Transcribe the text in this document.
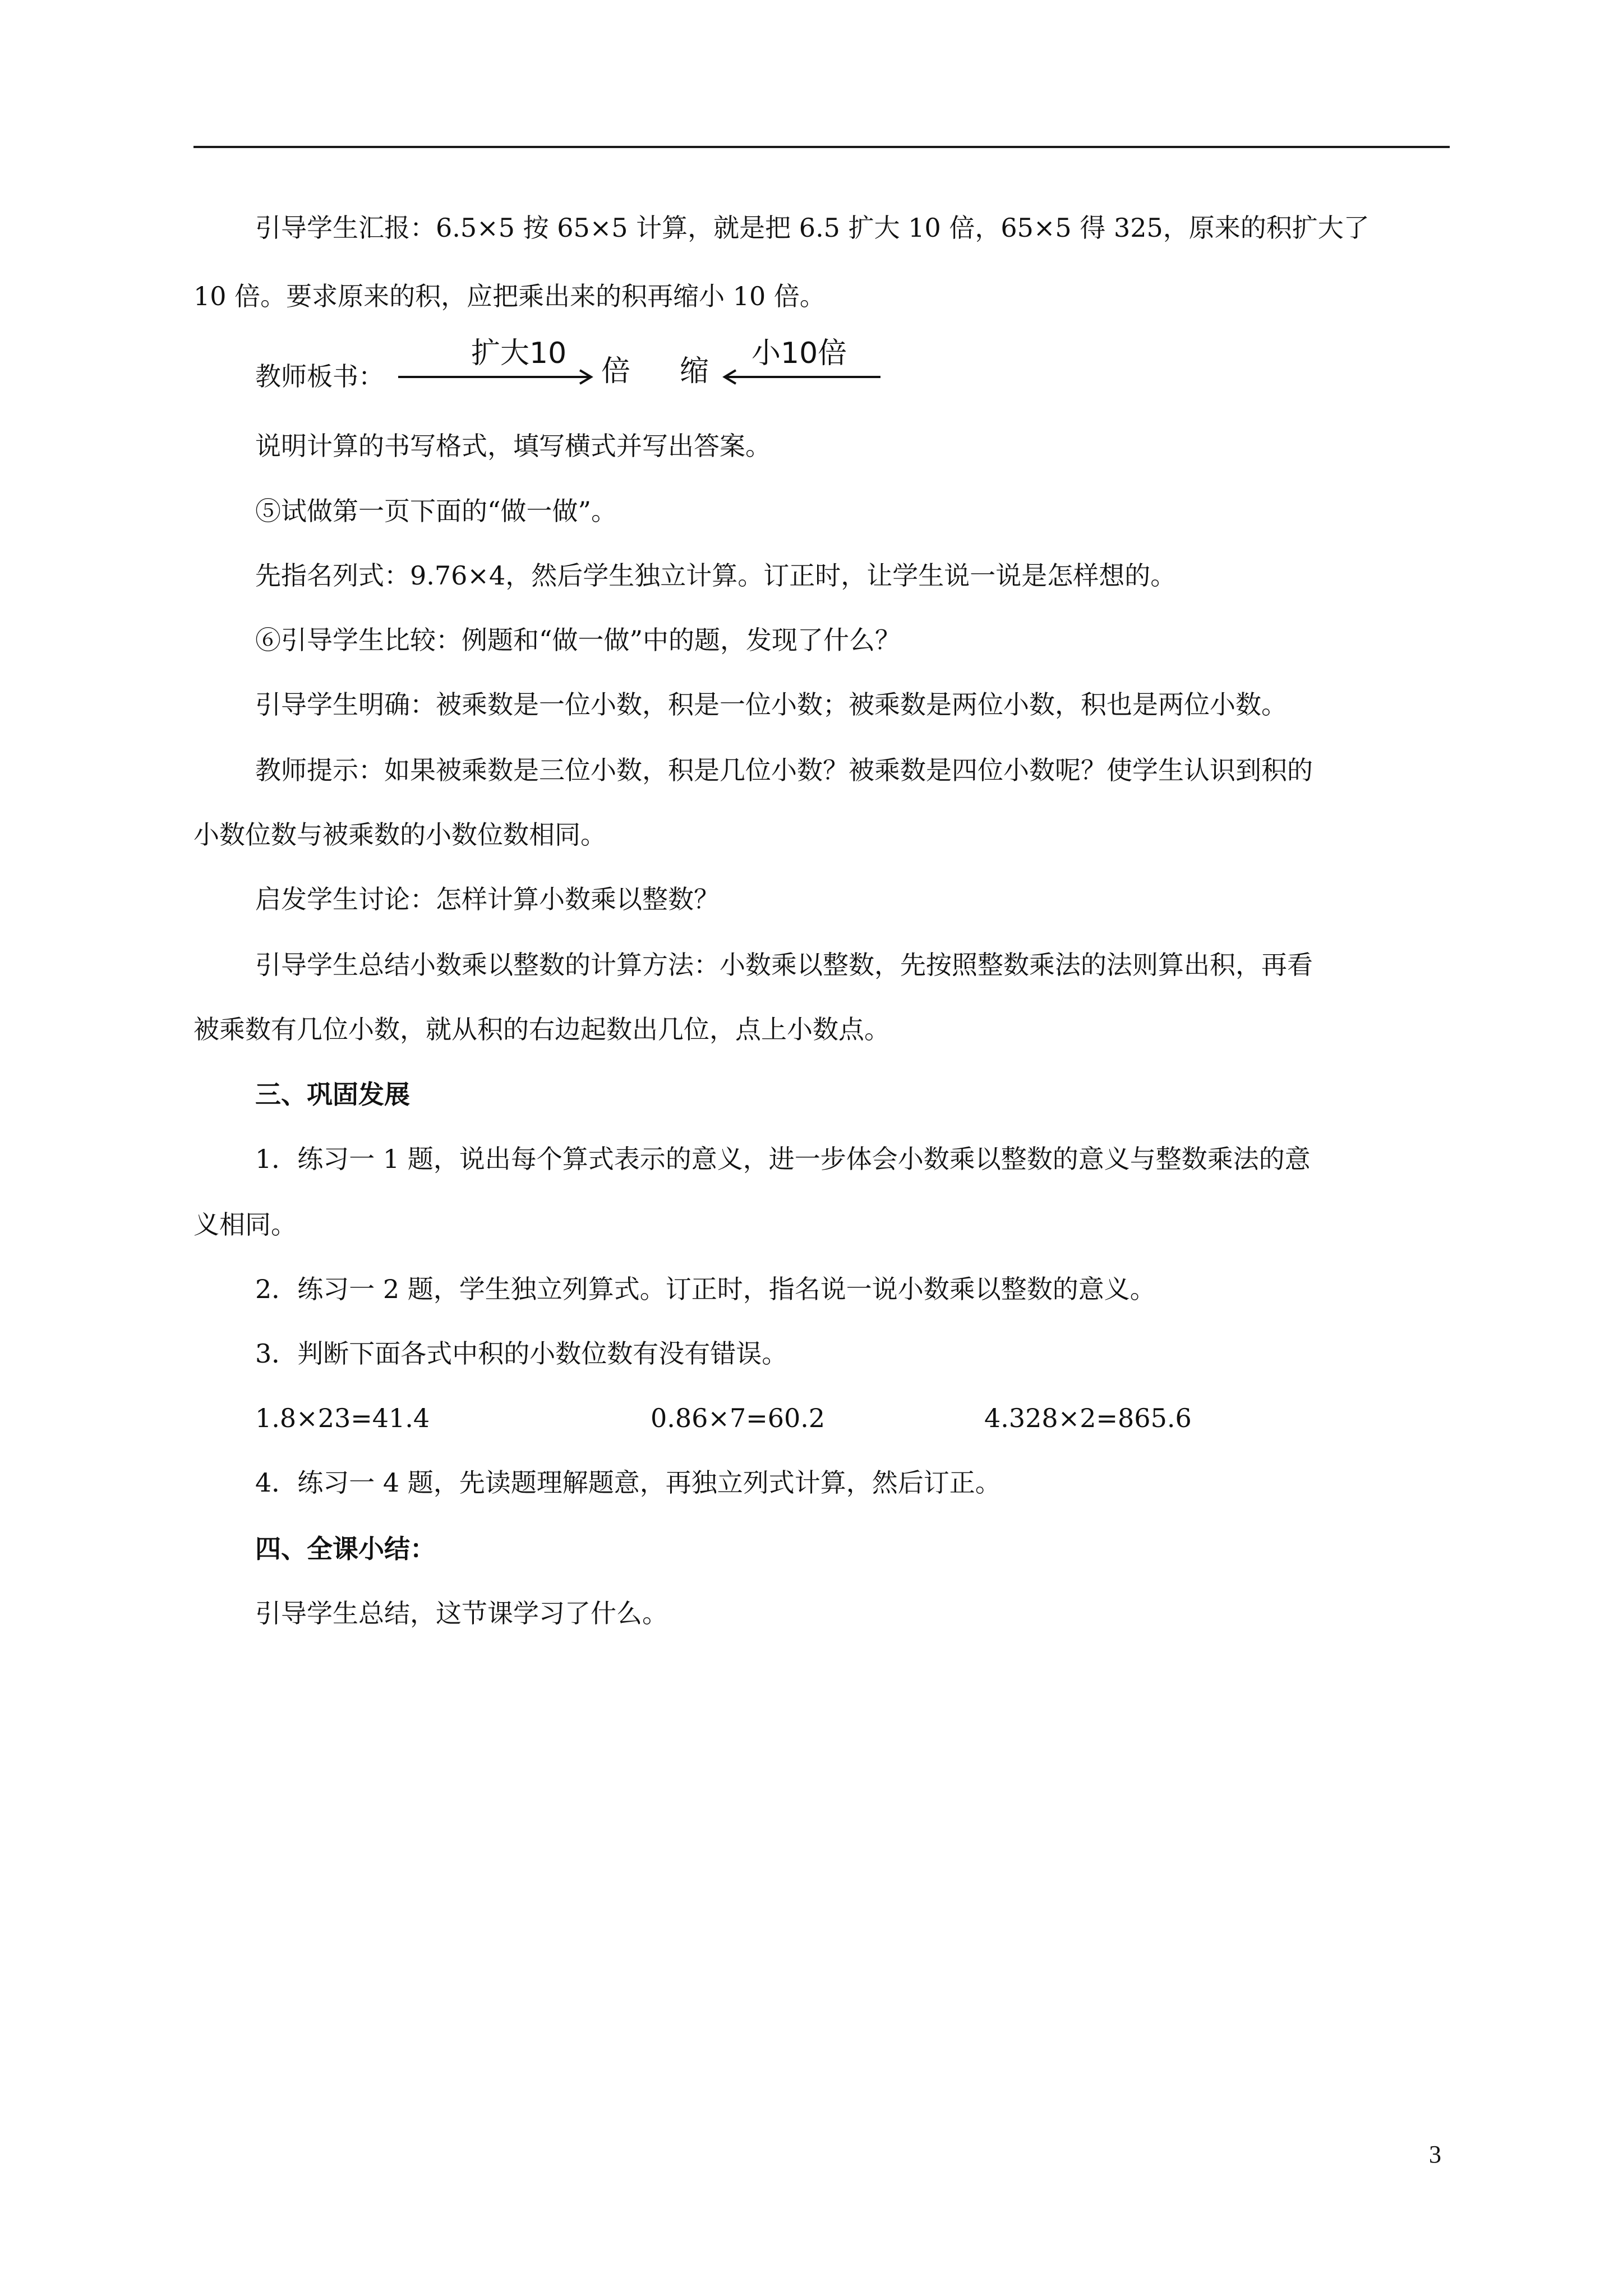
引导学生汇报：6.5×5 按 65×5 计算，就是把 6.5 扩大 10 倍，65×5 得 325，原来的积扩大了
10 倍。要求原来的积，应把乘出来的积再缩小 10 倍。
教师板书：
扩大10
倍 缩
小10倍
说明计算的书写格式，填写横式并写出答案。
⑤试做第一页下面的“做一做”。
先指名列式：9.76×4，然后学生独立计算。订正时，让学生说一说是怎样想的。
⑥引导学生比较：例题和“做一做”中的题，发现了什么？
引导学生明确：被乘数是一位小数，积是一位小数；被乘数是两位小数，积也是两位小数。
教师提示：如果被乘数是三位小数，积是几位小数？被乘数是四位小数呢？使学生认识到积的
小数位数与被乘数的小数位数相同。
启发学生讨论：怎样计算小数乘以整数？
引导学生总结小数乘以整数的计算方法：小数乘以整数，先按照整数乘法的法则算出积，再看
被乘数有几位小数，就从积的右边起数出几位，点上小数点。
三、巩固发展
1．练习一 1 题，说出每个算式表示的意义，进一步体会小数乘以整数的意义与整数乘法的意
义相同。
2．练习一 2 题，学生独立列算式。订正时，指名说一说小数乘以整数的意义。
3．判断下面各式中积的小数位数有没有错误。
1.8×23=41.4	0.86×7=60.2	4.328×2=865.6
4．练习一 4 题，先读题理解题意，再独立列式计算，然后订正。
四、全课小结：
引导学生总结，这节课学习了什么。
3
